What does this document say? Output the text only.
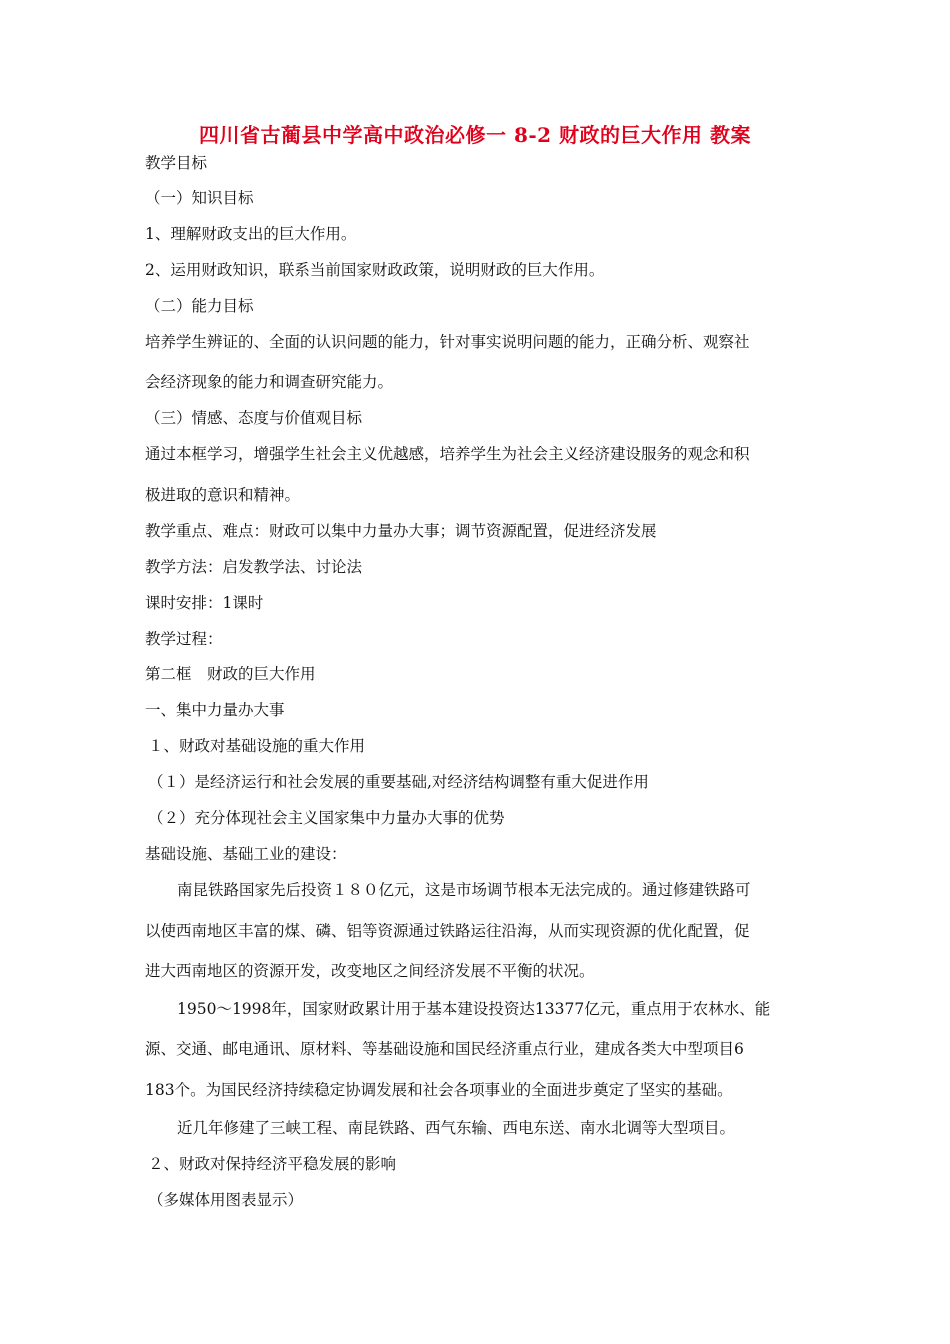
四川省古蔺县中学高中政治必修一 8-2 财政的巨大作用 教案
教学目标
（一）知识目标
1、理解财政支出的巨大作用。
2、运用财政知识，联系当前国家财政政策，说明财政的巨大作用。
（二）能力目标
培养学生辨证的、全面的认识问题的能力，针对事实说明问题的能力，正确分析、观察社
会经济现象的能力和调查研究能力。
（三）情感、态度与价值观目标
通过本框学习，增强学生社会主义优越感，培养学生为社会主义经济建设服务的观念和积
极进取的意识和精神。
教学重点、难点：财政可以集中力量办大事；调节资源配置，促进经济发展
教学方法：启发教学法、讨论法
课时安排：1课时
教学过程：
第二框　财政的巨大作用
一、集中力量办大事
１、财政对基础设施的重大作用
（１）是经济运行和社会发展的重要基础,对经济结构调整有重大促进作用
（２）充分体现社会主义国家集中力量办大事的优势
基础设施、基础工业的建设：
南昆铁路国家先后投资１８０亿元，这是市场调节根本无法完成的。通过修建铁路可
以使西南地区丰富的煤、磷、铝等资源通过铁路运往沿海，从而实现资源的优化配置，促
进大西南地区的资源开发，改变地区之间经济发展不平衡的状况。
1950～1998年，国家财政累计用于基本建设投资达13377亿元，重点用于农林水、能
源、交通、邮电通讯、原材料、等基础设施和国民经济重点行业，建成各类大中型项目6
183个。为国民经济持续稳定协调发展和社会各项事业的全面进步奠定了坚实的基础。
近几年修建了三峡工程、南昆铁路、西气东输、西电东送、南水北调等大型项目。
２、财政对保持经济平稳发展的影响
（多媒体用图表显示）
